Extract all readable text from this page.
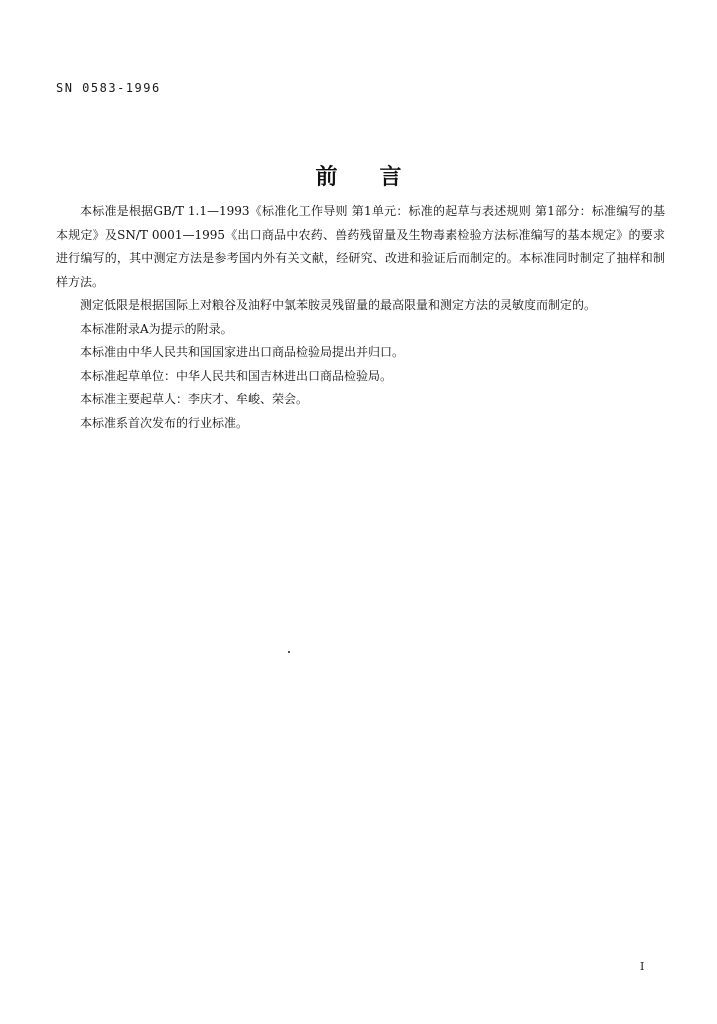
SN 0583-1996
前 言

本标准是根据GB/T 1.1—1993《标准化工作导则 第1单元：标准的起草与表述规则 第1部分：标准编写的基本规定》及SN/T 0001—1995《出口商品中农药、兽药残留量及生物毒素检验方法标准编写的基本规定》的要求进行编写的，其中测定方法是参考国内外有关文献，经研究、改进和验证后而制定的。本标准同时制定了抽样和制样方法。

测定低限是根据国际上对粮谷及油籽中氯苯胺灵残留量的最高限量和测定方法的灵敏度而制定的。

本标准附录A为提示的附录。

本标准由中华人民共和国国家进出口商品检验局提出并归口。

本标准起草单位：中华人民共和国吉林进出口商品检验局。

本标准主要起草人：李庆才、牟峻、荣会。

本标准系首次发布的行业标准。

I
